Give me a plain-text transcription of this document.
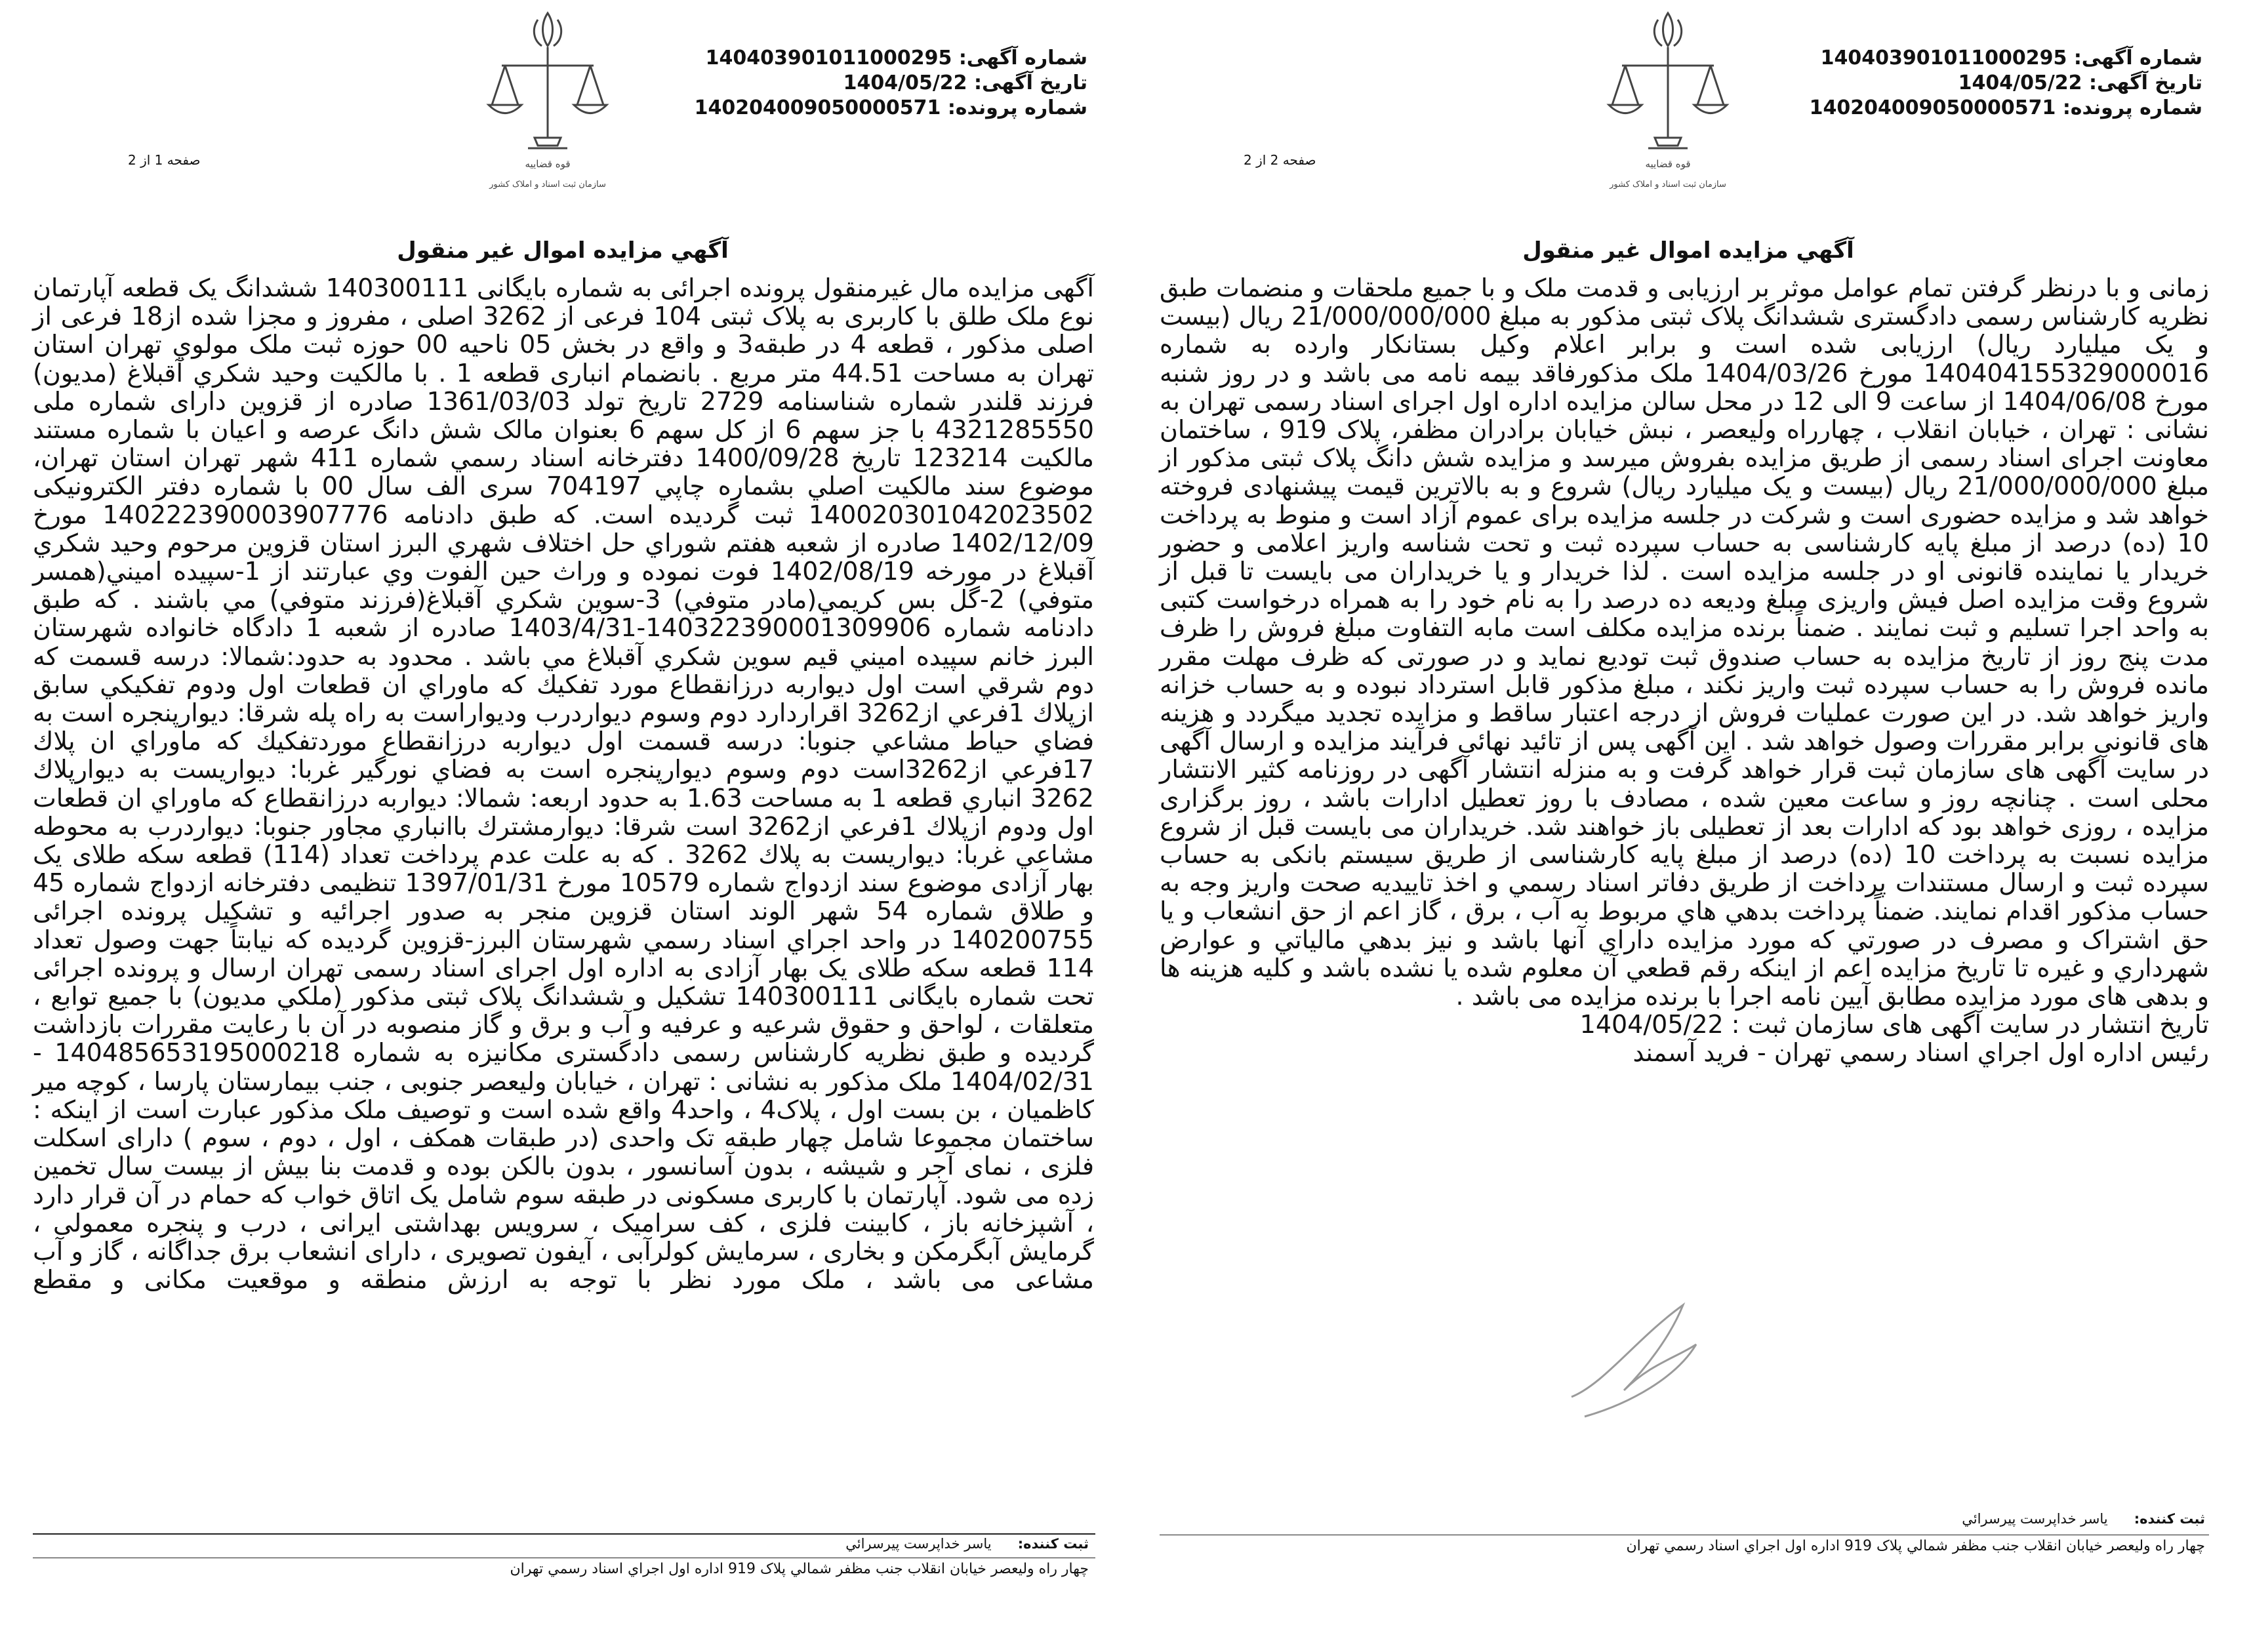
شماره آگهی: 140403901011000295
تاریخ آگهی: 1404/05/22
شماره پرونده: 140204009050000571
قوه قضاییه
سازمان ثبت اسناد و املاک کشور
صفحه 1 از 2
آگهي مزايده اموال غير منقول
آگهی مزایده مال غیرمنقول پرونده اجرائی به شماره بایگانی 140300111 ششدانگ یک قطعه آپارتمان نوع ملک طلق با کاربری به پلاک ثبتی 104 فرعی از 3262 اصلی ، مفروز و مجزا شده از18 فرعی از اصلی مذکور ، قطعه 4 در طبقه3 و واقع در بخش 05 ناحیه 00 حوزه ثبت ملک مولوي تهران استان تهران به مساحت 44.51 متر مربع . بانضمام انباری قطعه 1 . با مالکیت وحید شکري آقبلاغ (مدیون) فرزند قلندر شماره شناسنامه 2729 تاریخ تولد 1361/03/03 صادره از قزوین دارای شماره ملی 4321285550 با جز سهم 6 از کل سهم 6 بعنوان مالک شش دانگ عرصه و اعیان با شماره مستند مالکیت 123214 تاریخ 1400/09/28 دفترخانه اسناد رسمي شماره 411 شهر تهران استان تهران، موضوع سند مالکیت اصلي بشماره چاپي 704197 سری الف سال 00 با شماره دفتر الکترونیکی 140020301042023502 ثبت گرديده است. که طبق دادنامه 140222390003907776 مورخ 1402/12/09 صادره از شعبه هفتم شوراي حل اختلاف شهري البرز استان قزوين مرحوم وحيد شكري آقبلاغ در مورخه 1402/08/19 فوت نموده و وراث حين الفوت وي عبارتند از 1-سپيده اميني(همسر متوفي) 2-گل بس كريمي(مادر متوفي) 3-سوين شكري آقبلاغ(فرزند متوفي) مي باشند . كه طبق دادنامه شماره 140322390001309906-1403/4/31 صادره از شعبه 1 دادگاه خانواده شهرستان البرز خانم سپيده اميني قيم سوين شكري آقبلاغ مي باشد . محدود به حدود:شمالا: درسه قسمت كه دوم شرقي است اول ديواربه درزانقطاع مورد تفكيك كه ماوراي ان قطعات اول ودوم تفكيكي سابق ازپلاك 1فرعي از3262 اقراردارد دوم وسوم ديواردرب وديواراست به راه پله شرقا: ديوارپنجره است به فضاي حياط مشاعي جنوبا: درسه قسمت اول ديواربه درزانقطاع موردتفكيك كه ماوراي ان پلاك 17فرعي از3262است دوم وسوم ديوارپنجره است به فضاي نورگير غربا: ديواريست به ديوارپلاك 3262 انباري قطعه 1 به مساحت 1.63 به حدود اربعه: شمالا: ديواربه درزانقطاع كه ماوراي ان قطعات اول ودوم ازپلاك 1فرعي از3262 است شرقا: ديوارمشترك باانباري مجاور جنوبا: ديواردرب به محوطه مشاعي غربا: ديواريست به پلاك 3262 . كه به علت عدم پرداخت تعداد (114) قطعه سکه طلای یک بهار آزادی موضوع سند ازدواج شماره 10579 مورخ 1397/01/31 تنظیمی دفترخانه ازدواج شماره 45 و طلاق شماره 54 شهر الوند استان قزوین منجر به صدور اجرائیه و تشکیل پرونده اجرائی 140200755 در واحد اجراي اسناد رسمي شهرستان البرز-قزوين گرديده كه نيابتاً جهت وصول تعداد 114 قطعه سكه طلای یک بهار آزادی به اداره اول اجرای اسناد رسمی تهران ارسال و پرونده اجرائی تحت شماره بایگانی 140300111 تشکیل و ششدانگ پلاک ثبتی مذکور (ملکي مدیون) با جمیع توابع ، متعلقات ، لواحق و حقوق شرعیه و عرفیه و آب و برق و گاز منصوبه در آن با رعایت مقررات بازداشت گردیده و طبق نظریه کارشناس رسمی دادگستری مکانیزه به شماره 14048565319500021‍8 - 1404/02/31 ملک مذکور به نشانی : تهران ، خیابان ولیعصر جنوبی ، جنب بیمارستان پارسا ، کوچه میر کاظمیان ، بن بست اول ، پلاک4 ، واحد4 واقع شده است و توصیف ملک مذکور عبارت است از اینکه : ساختمان مجموعا شامل چهار طبقه تک واحدی (در طبقات همکف ، اول ، دوم ، سوم ) دارای اسکلت فلزی ، نمای آجر و شیشه ، بدون آسانسور ، بدون بالکن بوده و قدمت بنا بیش از بیست سال تخمین زده می شود. آپارتمان با کاربری مسکونی در طبقه سوم شامل یک اتاق خواب که حمام در آن قرار دارد ، آشپزخانه باز ، کابینت فلزی ، کف سرامیک ، سرویس بهداشتی ایرانی ، درب و پنجره معمولی ، گرمایش آبگرمکن و بخاری ، سرمایش کولرآبی ، آیفون تصویری ، دارای انشعاب برق جداگانه ، گاز و آب مشاعی می باشد ، ملک مورد نظر با توجه به ارزش منطقه و موقعیت مکانی و مقطع
ثبت کننده:      یاسر خداپرست پیرسرائي
چهار راه وليعصر خيابان انقلاب جنب مظفر شمالي پلاک 919 اداره اول اجراي اسناد رسمي تهران
شماره آگهی: 140403901011000295
تاریخ آگهی: 1404/05/22
شماره پرونده: 140204009050000571
قوه قضاییه
سازمان ثبت اسناد و املاک کشور
صفحه 2 از 2
آگهي مزايده اموال غير منقول
زمانی و با درنظر گرفتن تمام عوامل موثر بر ارزیابی و قدمت ملک و با جمیع ملحقات و منضمات طبق نظریه کارشناس رسمی دادگستری ششدانگ پلاک ثبتی مذکور به مبلغ 21/000/000/000 ریال (بیست و یک میلیارد ریال) ارزیابی شده است و برابر اعلام وکیل بستانکار وارده به شماره 140404155329000016 مورخ 1404/03/26 ملک مذکورفاقد بیمه نامه می باشد و در روز شنبه مورخ 1404/06/08 از ساعت 9 الی 12 در محل سالن مزایده اداره اول اجرای اسناد رسمی تهران به نشانی : تهران ، خیابان انقلاب ، چهارراه ولیعصر ، نبش خیابان برادران مظفر، پلاک 919 ، ساختمان معاونت اجرای اسناد رسمی از طریق مزایده بفروش میرسد و مزایده شش دانگ پلاک ثبتی مذکور از مبلغ 21/000/000/000 ریال (بیست و یک میلیارد ریال) شروع و به بالاترین قیمت پیشنهادی فروخته خواهد شد و مزایده حضوری است و شرکت در جلسه مزایده برای عموم آزاد است و منوط به پرداخت 10 (ده) درصد از مبلغ پایه کارشناسی به حساب سپرده ثبت و تحت شناسه واریز اعلامی و حضور خریدار یا نماینده قانونی او در جلسه مزایده است . لذا خریدار و یا خریداران می بایست تا قبل از شروع وقت مزایده اصل فیش واریزی مبلغ ودیعه ده درصد را به نام خود را به همراه درخواست کتبی به واحد اجرا تسلیم و ثبت نمایند . ضمناً برنده مزایده مکلف است مابه التفاوت مبلغ فروش را ظرف مدت پنج روز از تاریخ مزایده به حساب صندوق ثبت تودیع نماید و در صورتی که ظرف مهلت مقرر مانده فروش را به حساب سپرده ثبت واریز نکند ، مبلغ مذکور قابل استرداد نبوده و به حساب خزانه واریز خواهد شد. در این صورت عملیات فروش از درجه اعتبار ساقط و مزایده تجدید میگردد و هزینه های قانونی برابر مقررات وصول خواهد شد . این آگهی پس از تائید نهائی فرآیند مزایده و ارسال آگهی در سایت آگهی های سازمان ثبت قرار خواهد گرفت و به منزله انتشار آگهی در روزنامه کثیر الانتشار محلی است . چنانچه روز و ساعت معین شده ، مصادف با روز تعطیل ادارات باشد ، روز برگزاری مزایده ، روزی خواهد بود که ادارات بعد از تعطیلی باز خواهند شد. خریداران می بایست قبل از شروع مزایده نسبت به پرداخت 10 (ده) درصد از مبلغ پایه کارشناسی از طریق سیستم بانکی به حساب سپرده ثبت و ارسال مستندات پرداخت از طریق دفاتر اسناد رسمي و اخذ تاييديه صحت واریز وجه به حساب مذکور اقدام نمایند. ضمناً پرداخت بدهي هاي مربوط به آب ، برق ، گاز اعم از حق انشعاب و یا حق اشتراک و مصرف در صورتي كه مورد مزايده داراي آنها باشد و نيز بدهي مالياتي و عوارض شهرداري و غيره تا تاريخ مزايده اعم از اينكه رقم قطعي آن معلوم شده يا نشده باشد و کلیه هزینه ها و بدهی های مورد مزایده مطابق آیین نامه اجرا با برنده مزایده می باشد .
تاریخ انتشار در سایت آگهی های سازمان ثبت : 1404/05/22
رئیس اداره اول اجراي اسناد رسمي تهران - فريد آسمند
ثبت کننده:      یاسر خداپرست پیرسرائي
چهار راه وليعصر خيابان انقلاب جنب مظفر شمالي پلاک 919 اداره اول اجراي اسناد رسمي تهران
